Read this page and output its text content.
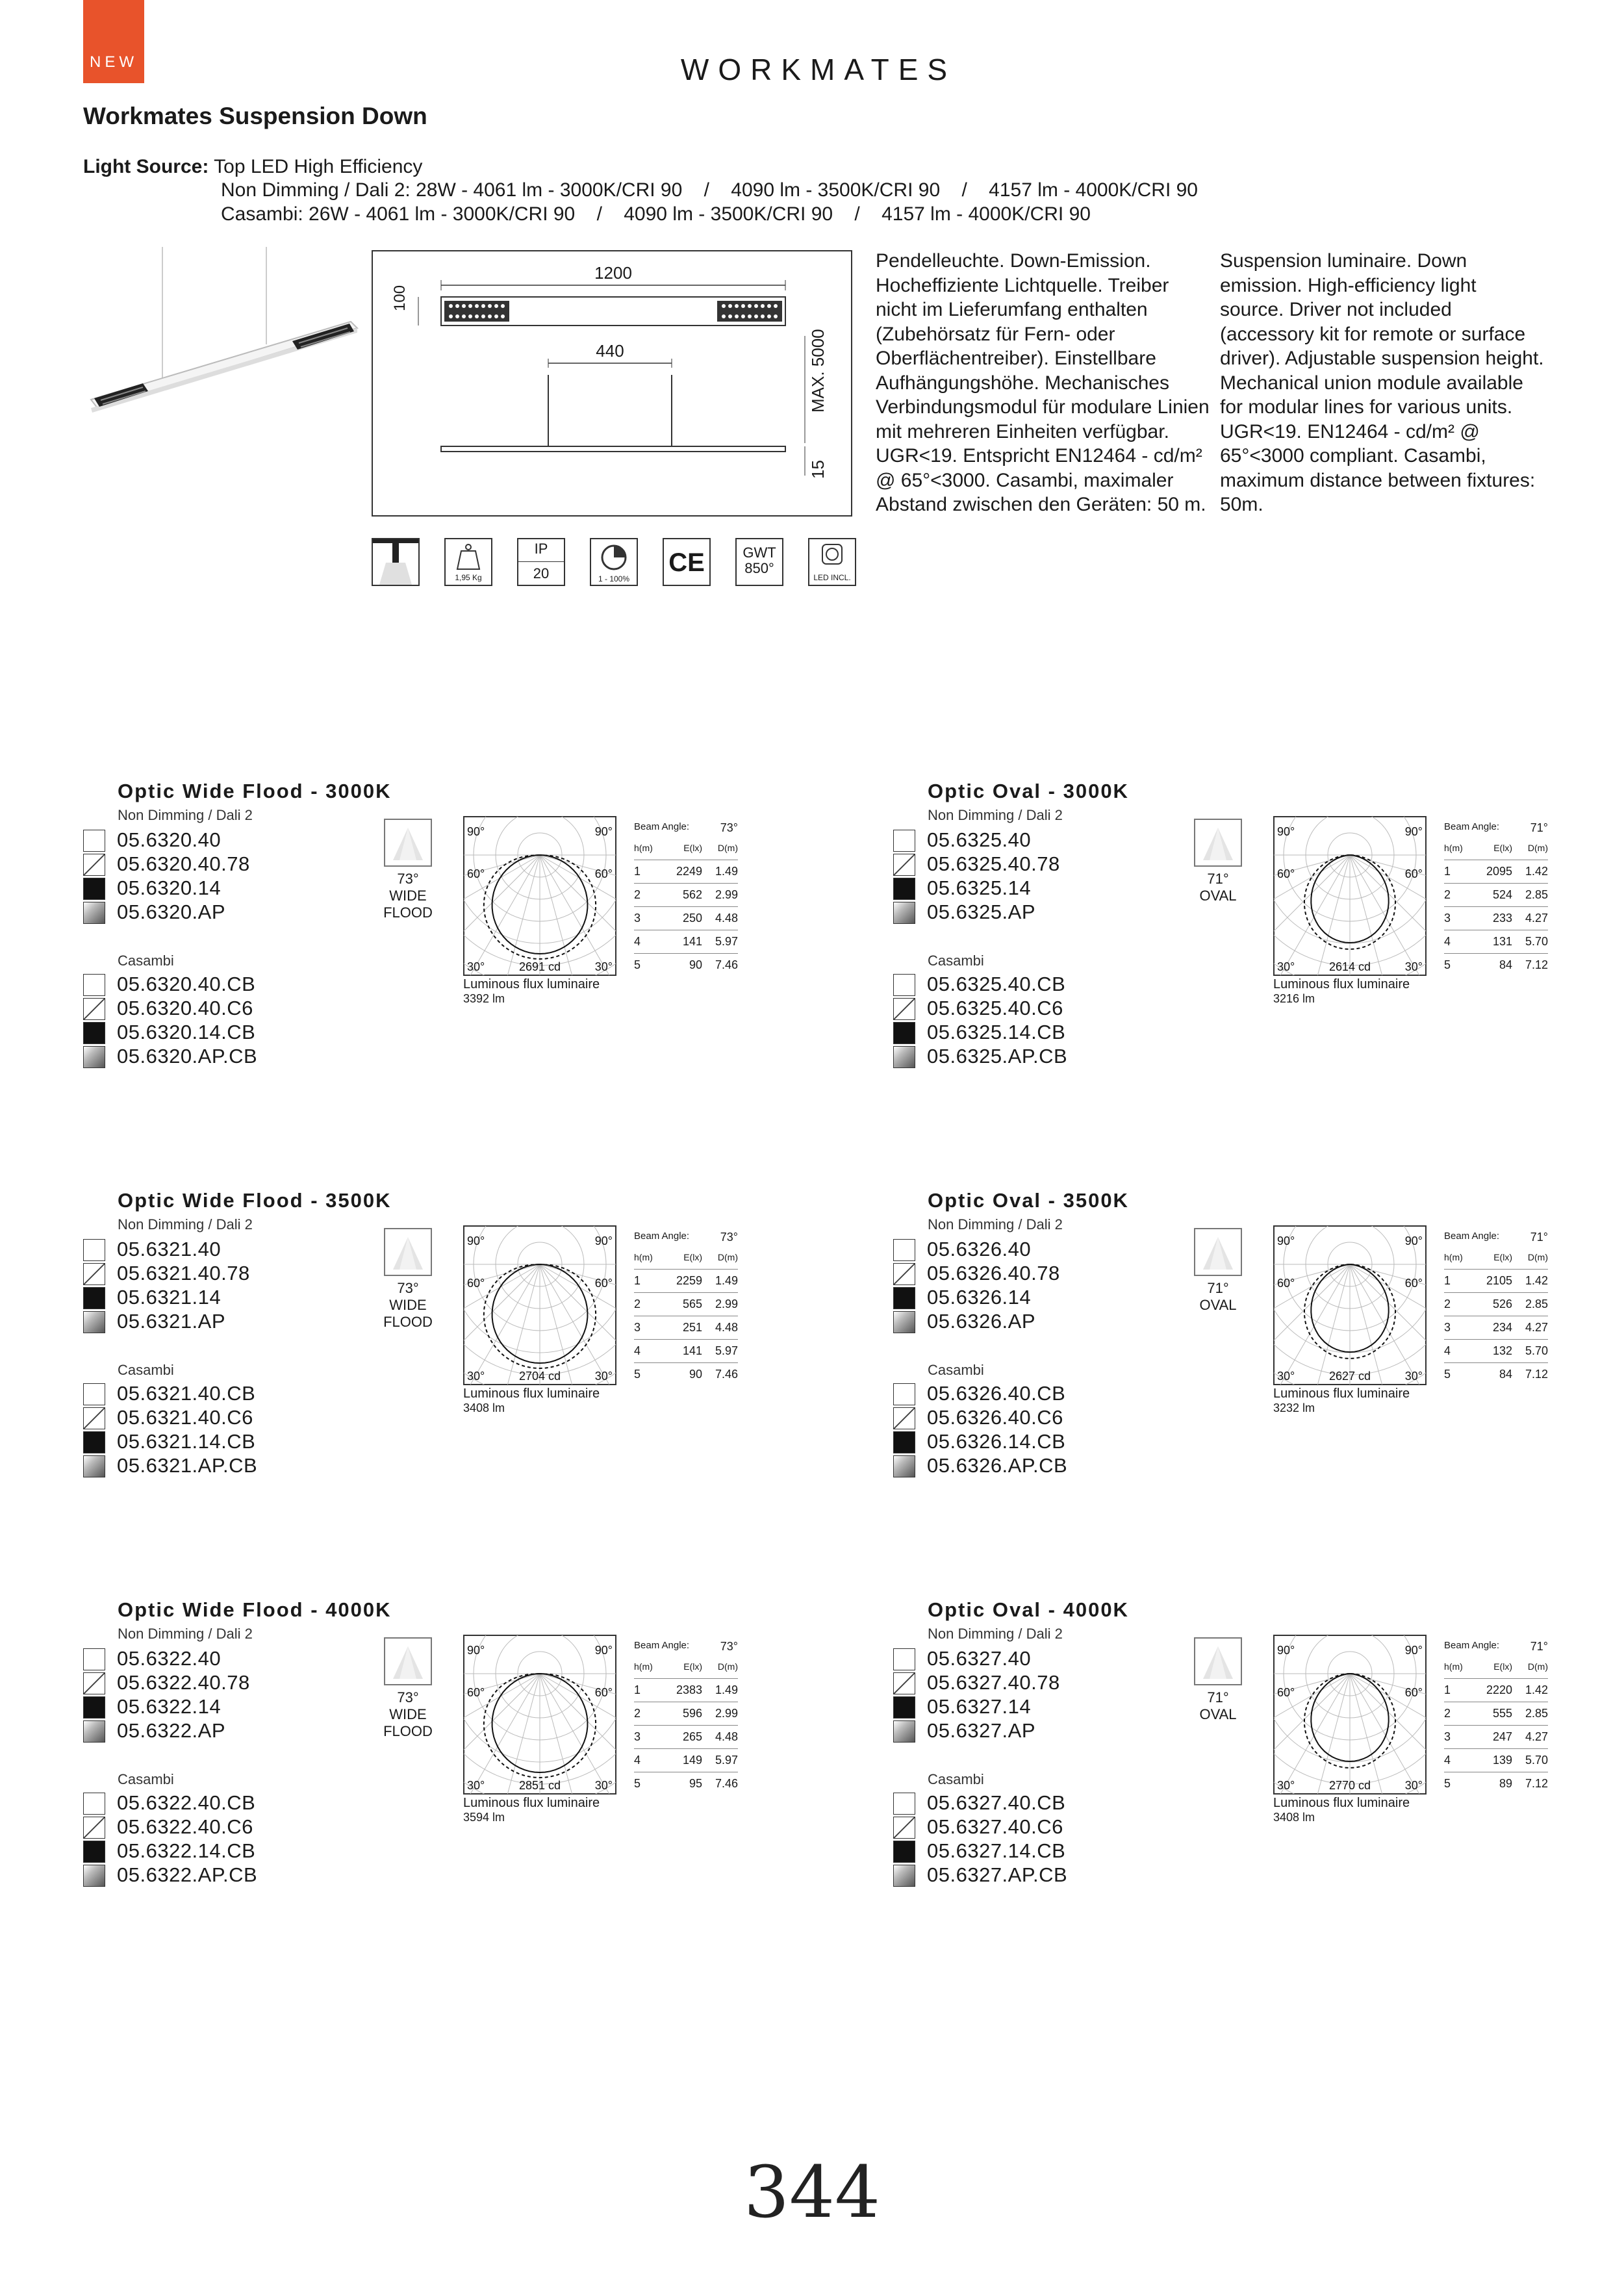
NEW	WORKMATES
Workmates Suspension Down
Light Source: Top LED High Efficiency
Non Dimming / Dali 2: 28W - 4061 lm - 3000K/CRI 90    /    4090 lm - 3500K/CRI 90    /    4157 lm - 4000K/CRI 90
Casambi: 26W - 4061 lm - 3000K/CRI 90    /    4090 lm - 3500K/CRI 90    /    4157 lm - 4000K/CRI 90
1200
100
440	MAX. 5000
15
Pendelleuchte. Down-Emission. Hocheffiziente Lichtquelle. Treiber nicht im Lieferumfang enthalten (Zubehörsatz für Fern- oder Oberflächentreiber). Einstellbare Aufhängungshöhe. Mechanisches Verbindungsmodul für modulare Linien mit mehreren Einheiten verfügbar. UGR<19. Entspricht EN12464 - cd/m² @ 65°<3000. Casambi, maximaler Abstand zwischen den Geräten: 50 m.
Suspension luminaire. Down emission. High-efficiency light source. Driver not included (accessory kit for remote or surface driver). Adjustable suspension height. Mechanical union module available for modular lines for various units. UGR<19. EN12464 - cd/m² @ 65°<3000 compliant. Casambi, maximum distance between fixtures: 50m.
1,95 Kg
IP
20	1 - 100%
CE	GWT
850°
LED INCL.
Optic Wide Flood - 3000K
Non Dimming / Dali 2
Casambi
05.6320.40
05.6320.40.CB
05.6320.40.78
05.6320.40.C6
05.6320.14
05.6320.14.CB
05.6320.AP
05.6320.AP.CB
73°
WIDE
FLOOD
90°	90°
60°	60°
30°	30°
2691 cd
Luminous flux luminaire
3392 lm
Beam Angle:	73°
h(m)	E(lx) D(m)
1	2249 1.49
2	562 2.99
3	250 4.48
4	141 5.97
5	90 7.46
Optic Oval - 3000K
Non Dimming / Dali 2
Casambi
05.6325.40
05.6325.40.CB
05.6325.40.78
05.6325.40.C6
05.6325.14
05.6325.14.CB
05.6325.AP
05.6325.AP.CB
71°
OVAL
90°	90°
60°	60°
30°	30°
2614 cd
Luminous flux luminaire
3216 lm
Beam Angle:	71°
h(m)	E(lx) D(m)
1	2095 1.42
2	524 2.85
3	233 4.27
4	131 5.70
5	84 7.12
Optic Wide Flood - 3500K
Non Dimming / Dali 2
Casambi
05.6321.40
05.6321.40.CB
05.6321.40.78
05.6321.40.C6
05.6321.14
05.6321.14.CB
05.6321.AP
05.6321.AP.CB
73°
WIDE
FLOOD
90°	90°
60°	60°
30°	30°
2704 cd
Luminous flux luminaire
3408 lm
Beam Angle:	73°
h(m)	E(lx) D(m)
1	2259 1.49
2	565 2.99
3	251 4.48
4	141 5.97
5	90 7.46
Optic Oval - 3500K
Non Dimming / Dali 2
Casambi
05.6326.40
05.6326.40.CB
05.6326.40.78
05.6326.40.C6
05.6326.14
05.6326.14.CB
05.6326.AP
05.6326.AP.CB
71°
OVAL
90°	90°
60°	60°
30°	30°
2627 cd
Luminous flux luminaire
3232 lm
Beam Angle:	71°
h(m)	E(lx) D(m)
1	2105 1.42
2	526 2.85
3	234 4.27
4	132 5.70
5	84 7.12
Optic Wide Flood - 4000K
Non Dimming / Dali 2
Casambi
05.6322.40
05.6322.40.CB
05.6322.40.78
05.6322.40.C6
05.6322.14
05.6322.14.CB
05.6322.AP
05.6322.AP.CB
73°
WIDE
FLOOD
90°	90°
60°	60°
30°	30°
2851 cd
Luminous flux luminaire
3594 lm
Beam Angle:	73°
h(m)	E(lx) D(m)
1	2383 1.49
2	596 2.99
3	265 4.48
4	149 5.97
5	95 7.46
Optic Oval - 4000K
Non Dimming / Dali 2
Casambi
05.6327.40
05.6327.40.CB
05.6327.40.78
05.6327.40.C6
05.6327.14
05.6327.14.CB
05.6327.AP
05.6327.AP.CB
71°
OVAL
90°	90°
60°	60°
30°	30°
2770 cd
Luminous flux luminaire
3408 lm
Beam Angle:	71°
h(m)	E(lx) D(m)
1	2220 1.42
2	555 2.85
3	247 4.27
4	139 5.70
5	89 7.12
344
